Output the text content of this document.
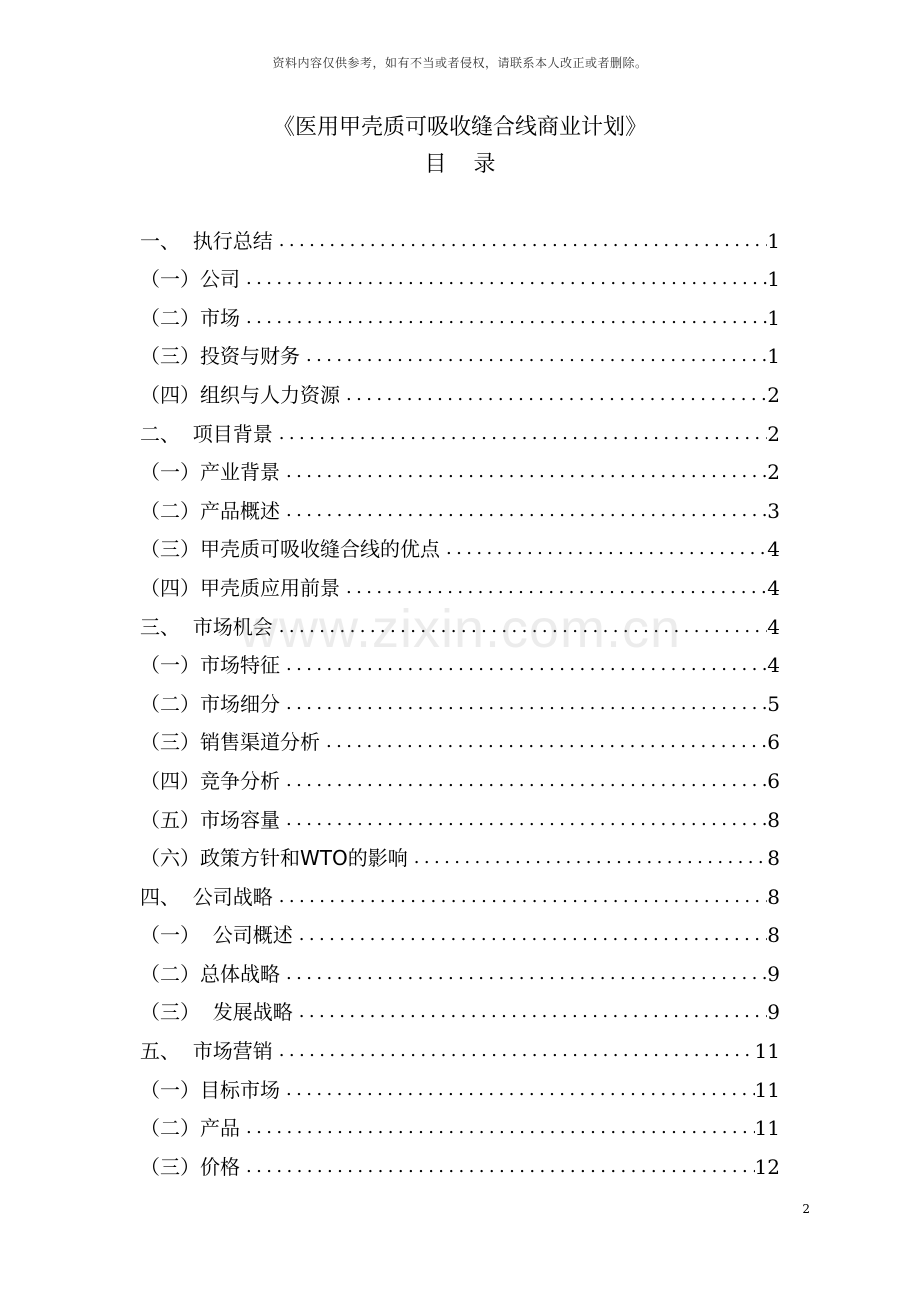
资料内容仅供参考，如有不当或者侵权，请联系本人改正或者删除。
《医用甲壳质可吸收缝合线商业计划》
目 录
一、  执行总结 .....	1
（一）公司 .....	1
（二）市场 .....	1
（三）投资与财务 .....	1
（四）组织与人力资源 .....	2
二、  项目背景 .....	2
（一）产业背景 .....	2
（二）产品概述 .....	3
（三）甲壳质可吸收缝合线的优点 .....	4
（四）甲壳质应用前景 .....	4
三、  市场机会 .....	4
（一）市场特征 .....	4
（二）市场细分 .....	5
（三）销售渠道分析 .....	6
（四）竞争分析 .....	6
（五）市场容量 .....	8
（六）政策方针和WTO的影响 .....	8
四、  公司战略 .....	8
（一）  公司概述 .....	8
（二）总体战略 .....	9
（三）  发展战略 .....	9
五、  市场营销 .....	11
（一）目标市场 .....	11
（二）产品 .....	11
（三）价格 .....	12
www.zixin.com.cn
2
